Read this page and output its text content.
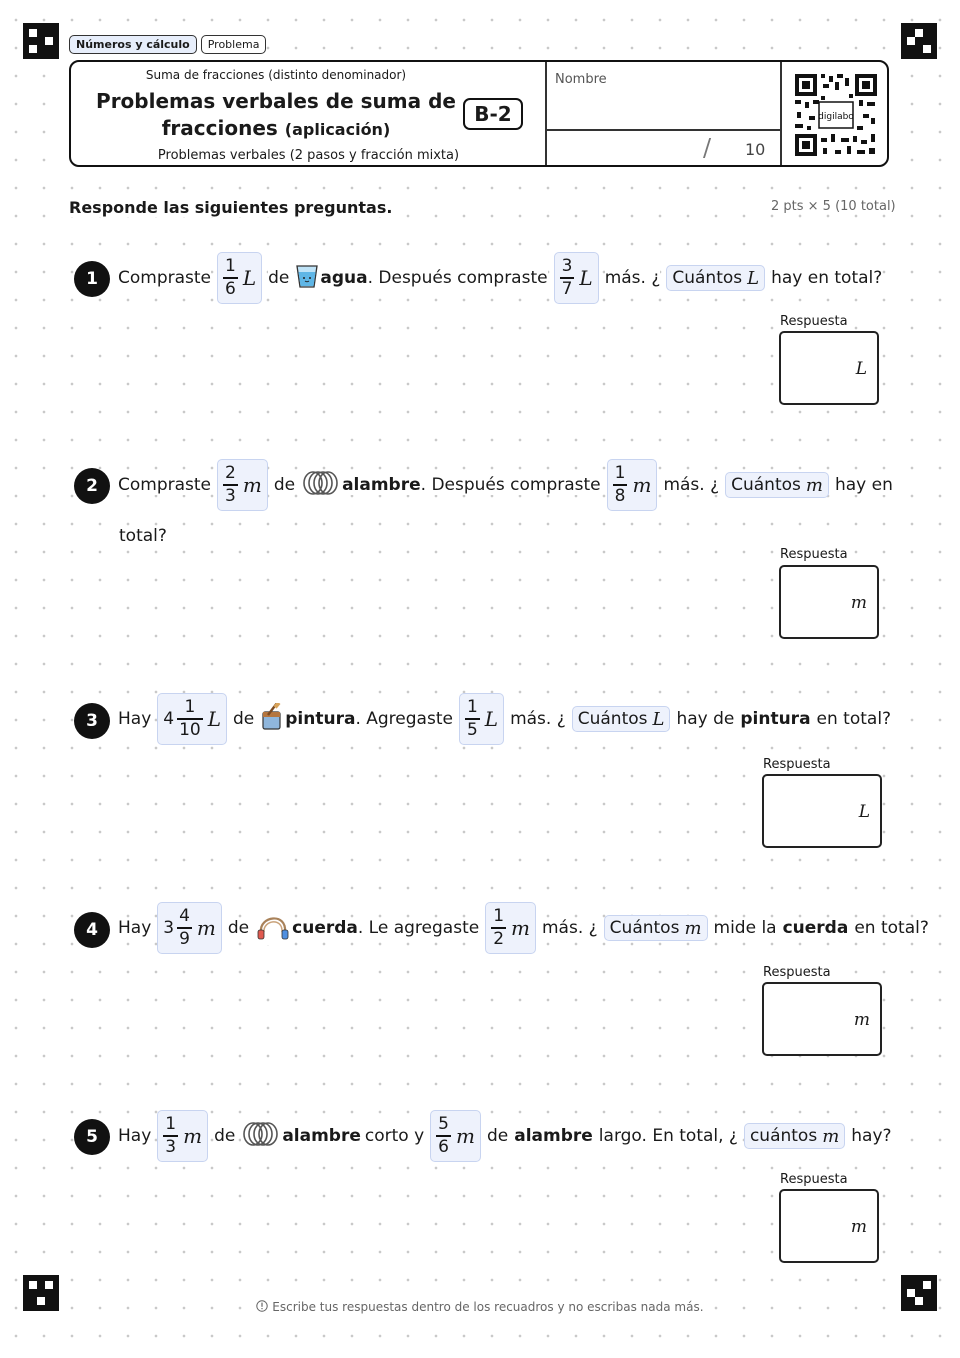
Números y cálculo	Problema
Suma de fracciones (distinto denominador)
Problemas verbales de suma de
fracciones (aplicación)
Problemas verbales (2 pasos y fracción mixta)
B-2
Nombre
/ 10
digilabo
Responde las siguientes preguntas.	2 pts × 5 (10 total)
1	Compraste $\frac{1}{6}$ L de agua . Después compraste $\frac{3}{7}$ L más. ¿ Cuántos L hay en total?
Respuesta
L
2	Compraste $\frac{2}{3}$ m de	alambre . Después compraste $\frac{1}{8}$ m más. ¿ Cuántos m hay en
total?
Respuesta
m
3	Hay $4 \frac{1}{10}$ L de pintura . Agregaste $\frac{1}{5}$ L más. ¿ Cuántos L hay de pintura en total?
Respuesta
L
4	Hay $3 \frac{4}{9}$ m de	cuerda . Le agregaste $\frac{1}{2}$ m más. ¿ Cuántos m mide la cuerda en total?
Respuesta
m
5	Hay $\frac{1}{3}$ m de	alambre corto y $\frac{5}{6}$ m de alambre largo. En total, ¿ cuántos m hay?
Respuesta
m
Escribe tus respuestas dentro de los recuadros y no escribas nada más.
